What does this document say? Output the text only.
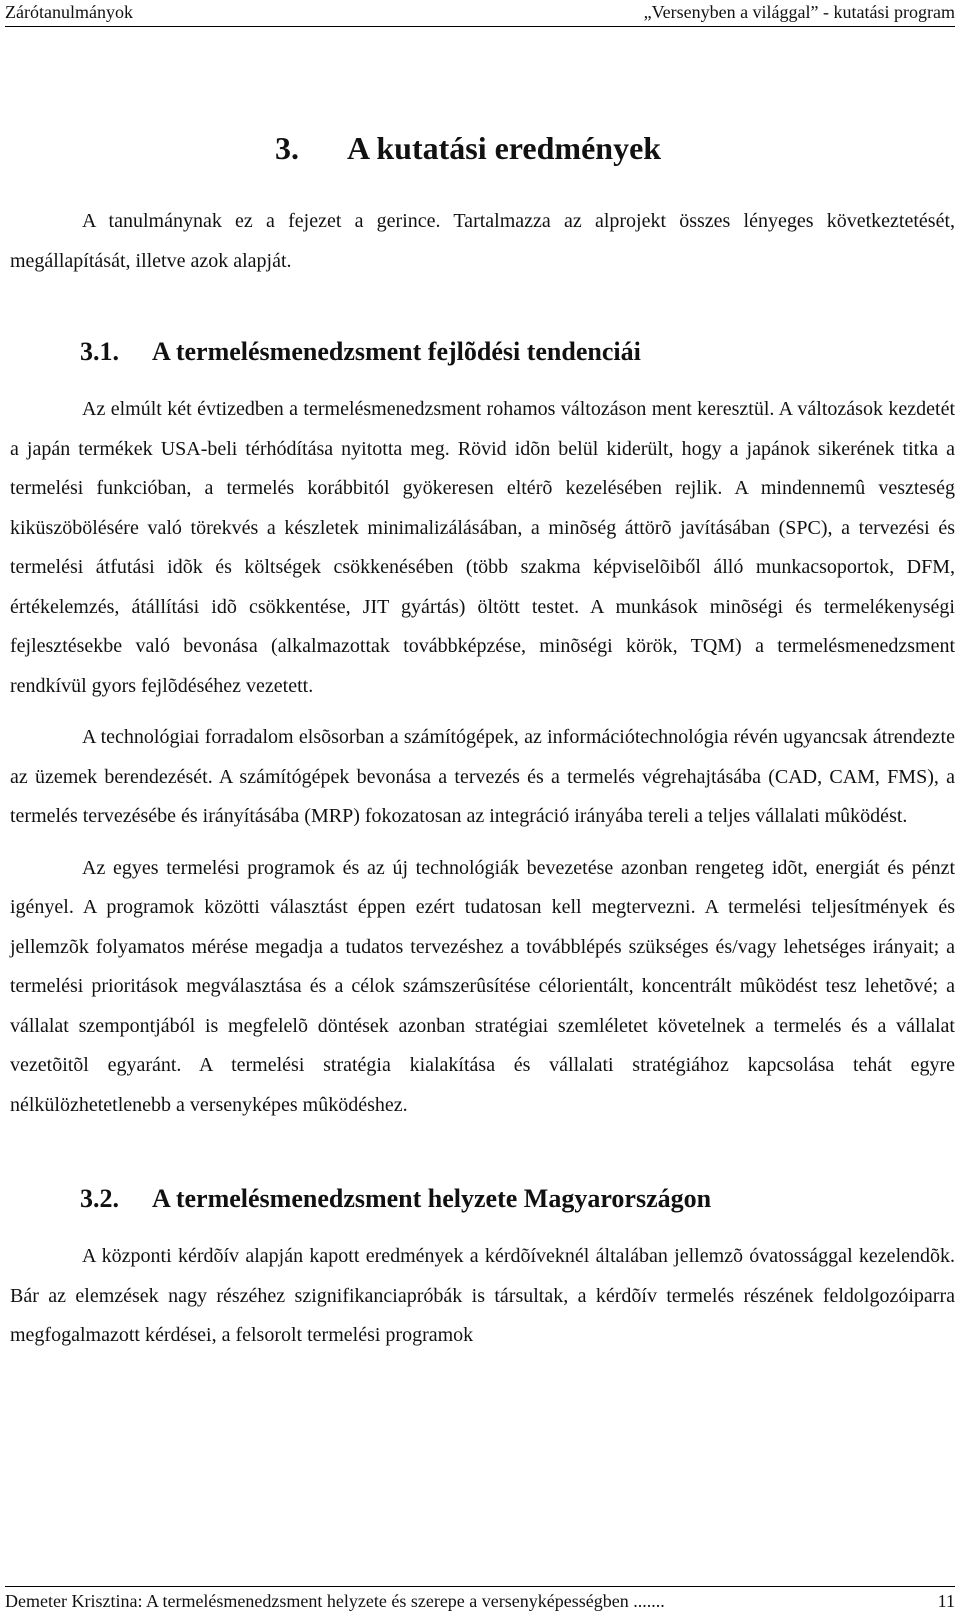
Zárótanulmányok	„Versenyben a világgal” - kutatási program
3. A kutatási eredmények

A tanulmánynak ez a fejezet a gerince. Tartalmazza az alprojekt összes lényeges következtetését, megállapítását, illetve azok alapját.

3.1. A termelésmenedzsment fejlõdési tendenciái

Az elmúlt két évtizedben a termelésmenedzsment rohamos változáson ment keresztül. A változások kezdetét a japán termékek USA-beli térhódítása nyitotta meg. Rövid idõn belül kiderült, hogy a japánok sikerének titka a termelési funkcióban, a termelés korábbitól gyökeresen eltérõ kezelésében rejlik. A mindennemû veszteség kiküszöbölésére való törekvés a készletek minimalizálásában, a minõség áttörõ javításában (SPC), a tervezési és termelési átfutási idõk és költségek csökkenésében (több szakma képviselõiből álló munkacsoportok, DFM, értékelemzés, átállítási idõ csökkentése, JIT gyártás) öltött testet. A munkások minõségi és termelékenységi fejlesztésekbe való bevonása (alkalmazottak továbbképzése, minõségi körök, TQM) a termelésmenedzsment rendkívül gyors fejlõdéséhez vezetett.

A technológiai forradalom elsõsorban a számítógépek, az információtechnológia révén ugyancsak átrendezte az üzemek berendezését. A számítógépek bevonása a tervezés és a termelés végrehajtásába (CAD, CAM, FMS), a termelés tervezésébe és irányításába (MRP) fokozatosan az integráció irányába tereli a teljes vállalati mûködést.

Az egyes termelési programok és az új technológiák bevezetése azonban rengeteg idõt, energiát és pénzt igényel. A programok közötti választást éppen ezért tudatosan kell megtervezni. A termelési teljesítmények és jellemzõk folyamatos mérése megadja a tudatos tervezéshez a továbblépés szükséges és/vagy lehetséges irányait; a termelési prioritások megválasztása és a célok számszerûsítése célorientált, koncentrált mûködést tesz lehetõvé; a vállalat szempontjából is megfelelõ döntések azonban stratégiai szemléletet követelnek a termelés és a vállalat vezetõitõl egyaránt. A termelési stratégia kialakítása és vállalati stratégiához kapcsolása tehát egyre nélkülözhetetlenebb a versenyképes mûködéshez.

3.2. A termelésmenedzsment helyzete Magyarországon

A központi kérdõív alapján kapott eredmények a kérdõíveknél általában jellemzõ óvatossággal kezelendõk. Bár az elemzések nagy részéhez szignifikanciapróbák is társultak, a kérdõív termelés részének feldolgozóiparra megfogalmazott kérdései, a felsorolt termelési programok

Demeter Krisztina: A termelésmenedzsment helyzete és szerepe a versenyképességben .......	11
